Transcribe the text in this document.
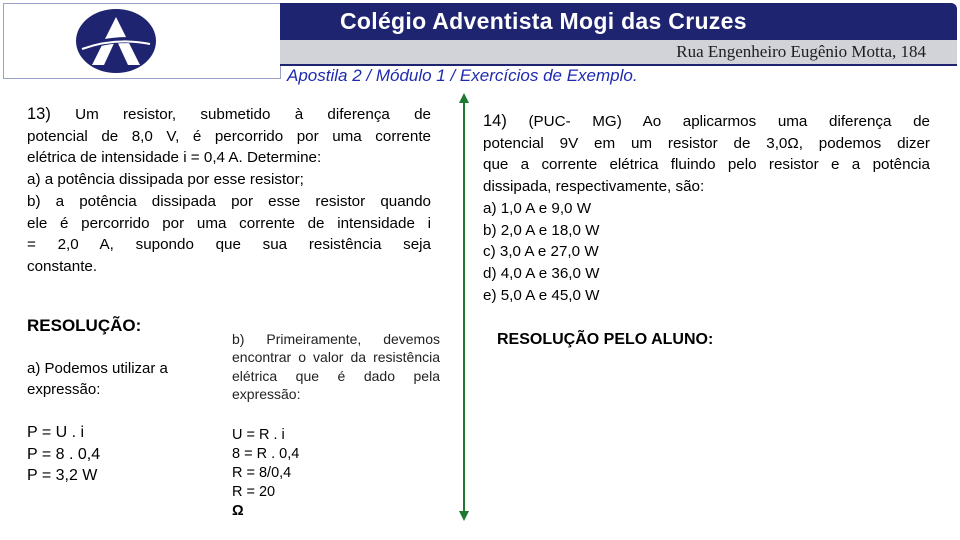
Colégio Adventista Mogi das Cruzes
Rua Engenheiro Eugênio Motta, 184
Apostila 2 / Módulo 1 / Exercícios de Exemplo.
13) Um resistor, submetido à diferença de
potencial de 8,0 V, é percorrido por uma corrente
elétrica de intensidade i = 0,4 A. Determine:
a) a potência dissipada por esse resistor;
b) a potência dissipada por esse resistor quando
ele é percorrido por uma corrente de intensidade i
= 2,0 A, supondo que sua resistência seja
constante.
14) (PUC- MG) Ao aplicarmos uma diferença de
potencial 9V em um resistor de 3,0Ω, podemos dizer
que a corrente elétrica fluindo pelo resistor e a potência
dissipada, respectivamente, são:
a) 1,0 A e 9,0 W
b) 2,0 A e 18,0 W
c) 3,0 A e 27,0 W
d) 4,0 A e 36,0 W
e) 5,0 A e 45,0 W
RESOLUÇÃO:
a) Podemos utilizar a expressão:
b) Primeiramente, devemos encontrar o valor da resistência elétrica que é dado pela expressão:
P = U . i
P = 8 . 0,4
P = 3,2 W
U = R . i
8 = R . 0,4
R = 8/0,4
R = 20
Ω
RESOLUÇÃO PELO ALUNO:
